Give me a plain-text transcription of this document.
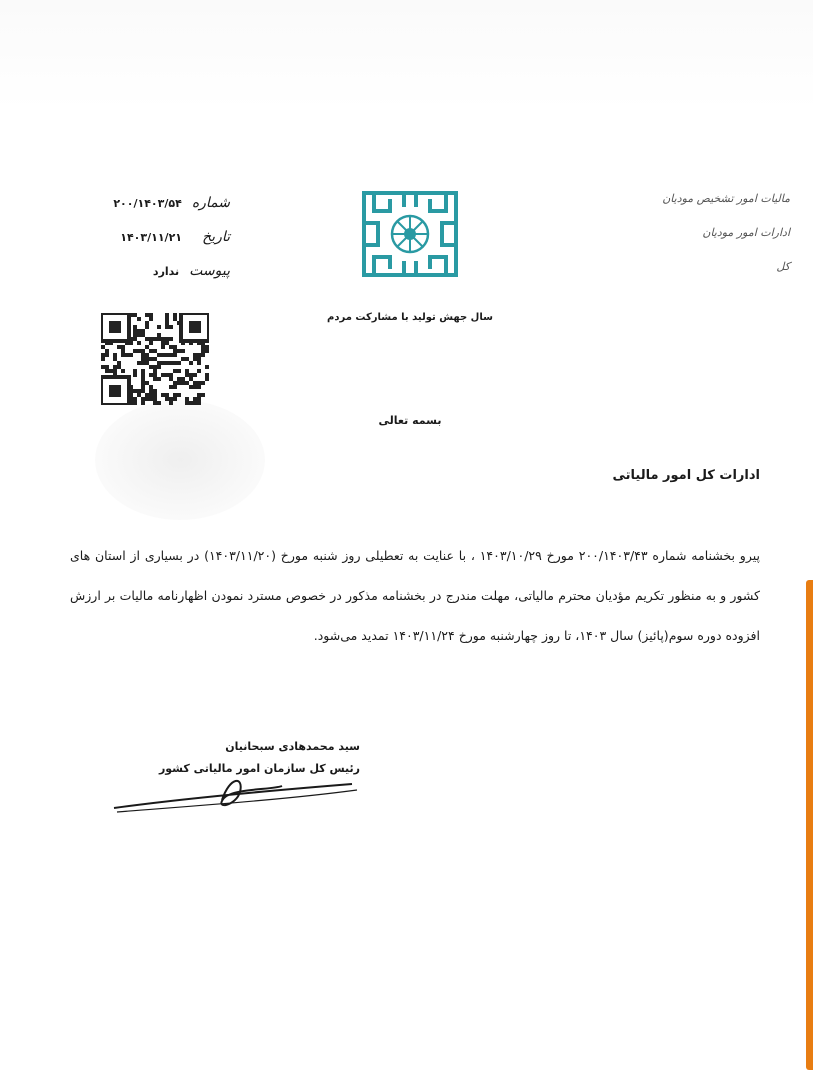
شماره
۲۰۰/۱۴۰۳/۵۴
تاریخ
۱۴۰۳/۱۱/۲۱
پیوست
ندارد
سال جهش تولید با مشارکت مردم
مالیات امور تشخیص مودیان
ادارات امور مودیان
کل
بسمه تعالی
ادارات کل امور مالیاتی
پیرو بخشنامه شماره ۲۰۰/۱۴۰۳/۴۳ مورخ ۱۴۰۳/۱۰/۲۹ ، با عنایت به تعطیلی روز شنبه مورخ (۱۴۰۳/۱۱/۲۰) در بسیاری از استان های کشور و به منظور تکریم مؤدیان محترم مالیاتی، مهلت مندرج در بخشنامه مذکور در خصوص مسترد نمودن اظهارنامه مالیات بر ارزش افزوده دوره سوم(پائیز) سال ۱۴۰۳، تا روز چهارشنبه مورخ ۱۴۰۳/۱۱/۲۴ تمدید می‌شود.
سید محمدهادی سبحانیان
رئیس کل سازمان امور مالیاتی کشور
